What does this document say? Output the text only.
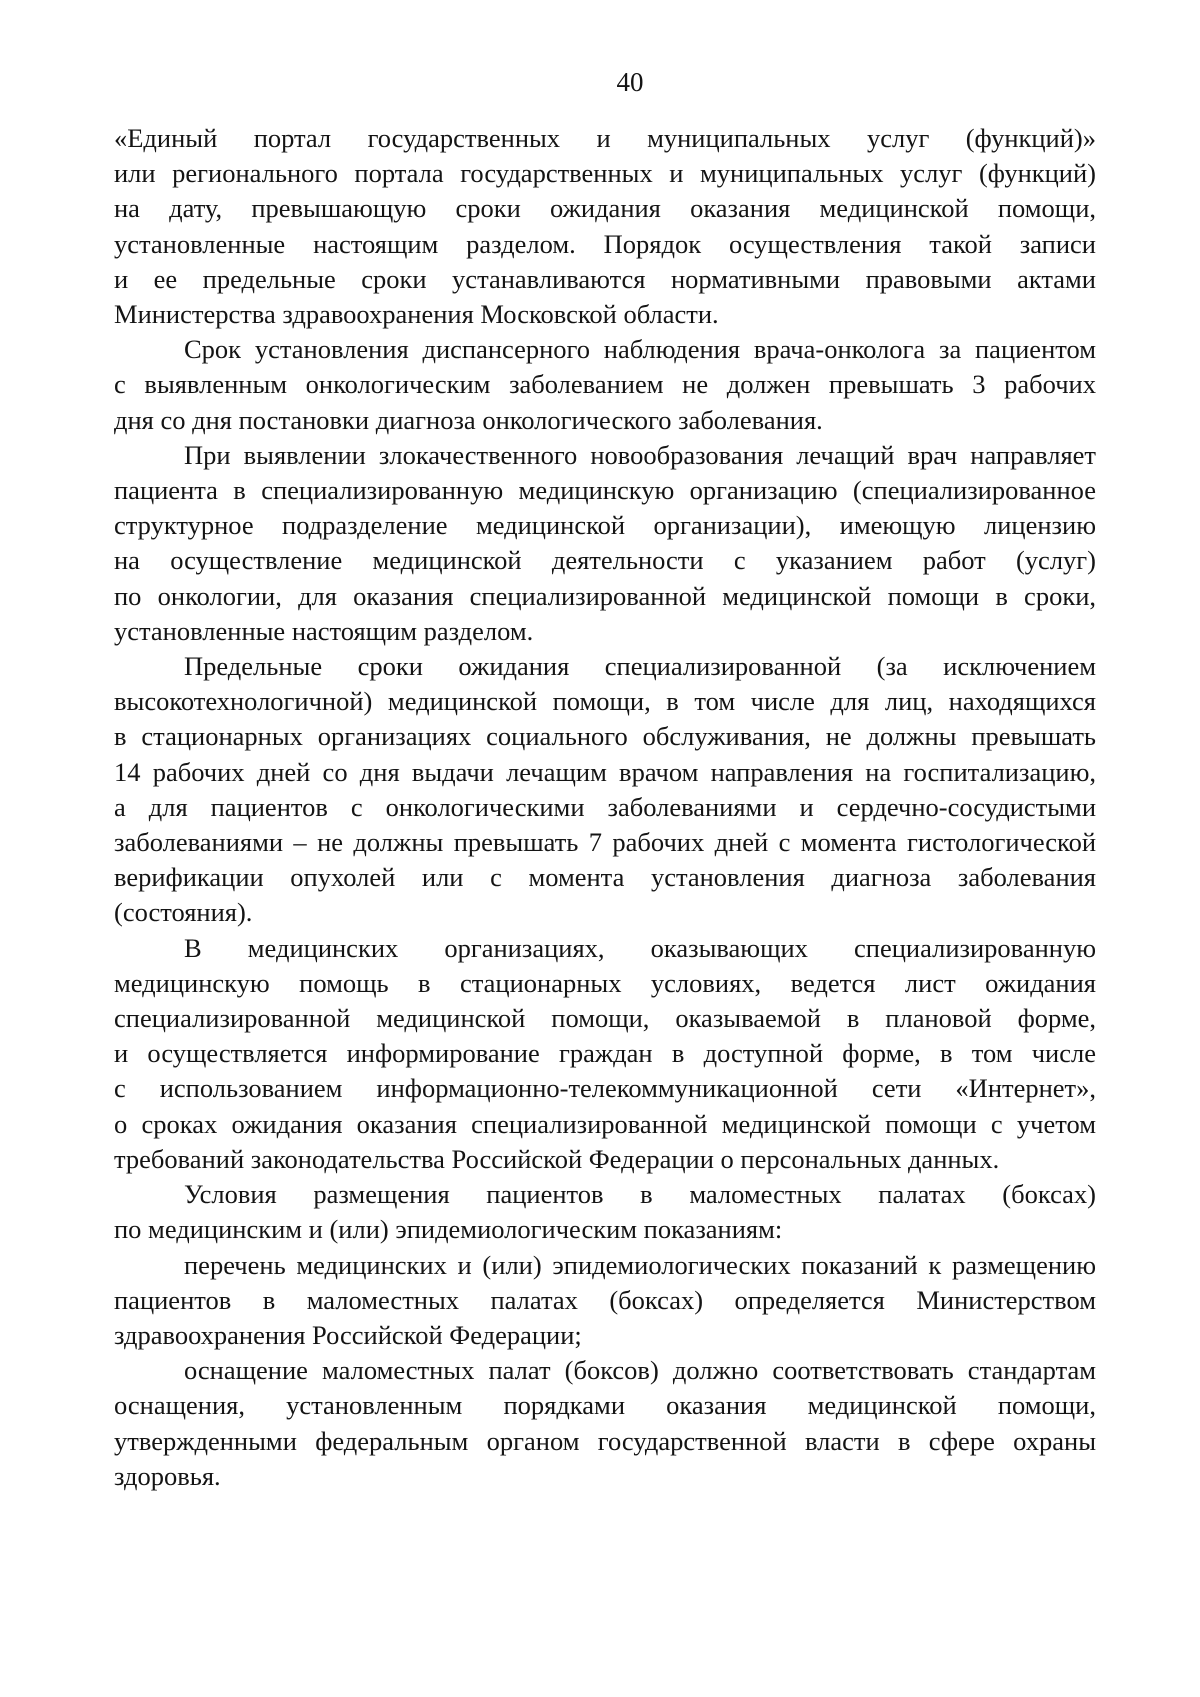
40
«Единый портал государственных и муниципальных услуг (функций)»
или регионального портала государственных и муниципальных услуг (функций)
на дату, превышающую сроки ожидания оказания медицинской помощи,
установленные настоящим разделом. Порядок осуществления такой записи
и ее предельные сроки устанавливаются нормативными правовыми актами
Министерства здравоохранения Московской области.
Срок установления диспансерного наблюдения врача-онколога за пациентом
с выявленным онкологическим заболеванием не должен превышать 3 рабочих
дня со дня постановки диагноза онкологического заболевания.
При выявлении злокачественного новообразования лечащий врач направляет
пациента в специализированную медицинскую организацию (специализированное
структурное подразделение медицинской организации), имеющую лицензию
на осуществление медицинской деятельности с указанием работ (услуг)
по онкологии, для оказания специализированной медицинской помощи в сроки,
установленные настоящим разделом.
Предельные сроки ожидания специализированной (за исключением
высокотехнологичной) медицинской помощи, в том числе для лиц, находящихся
в стационарных организациях социального обслуживания, не должны превышать
14 рабочих дней со дня выдачи лечащим врачом направления на госпитализацию,
а для пациентов с онкологическими заболеваниями и сердечно-сосудистыми
заболеваниями – не должны превышать 7 рабочих дней с момента гистологической
верификации опухолей или с момента установления диагноза заболевания
(состояния).
В медицинских организациях, оказывающих специализированную
медицинскую помощь в стационарных условиях, ведется лист ожидания
специализированной медицинской помощи, оказываемой в плановой форме,
и осуществляется информирование граждан в доступной форме, в том числе
с использованием информационно-телекоммуникационной сети «Интернет»,
о сроках ожидания оказания специализированной медицинской помощи с учетом
требований законодательства Российской Федерации о персональных данных.
Условия размещения пациентов в маломестных палатах (боксах)
по медицинским и (или) эпидемиологическим показаниям:
перечень медицинских и (или) эпидемиологических показаний к размещению
пациентов в маломестных палатах (боксах) определяется Министерством
здравоохранения Российской Федерации;
оснащение маломестных палат (боксов) должно соответствовать стандартам
оснащения, установленным порядками оказания медицинской помощи,
утвержденными федеральным органом государственной власти в сфере охраны
здоровья.
